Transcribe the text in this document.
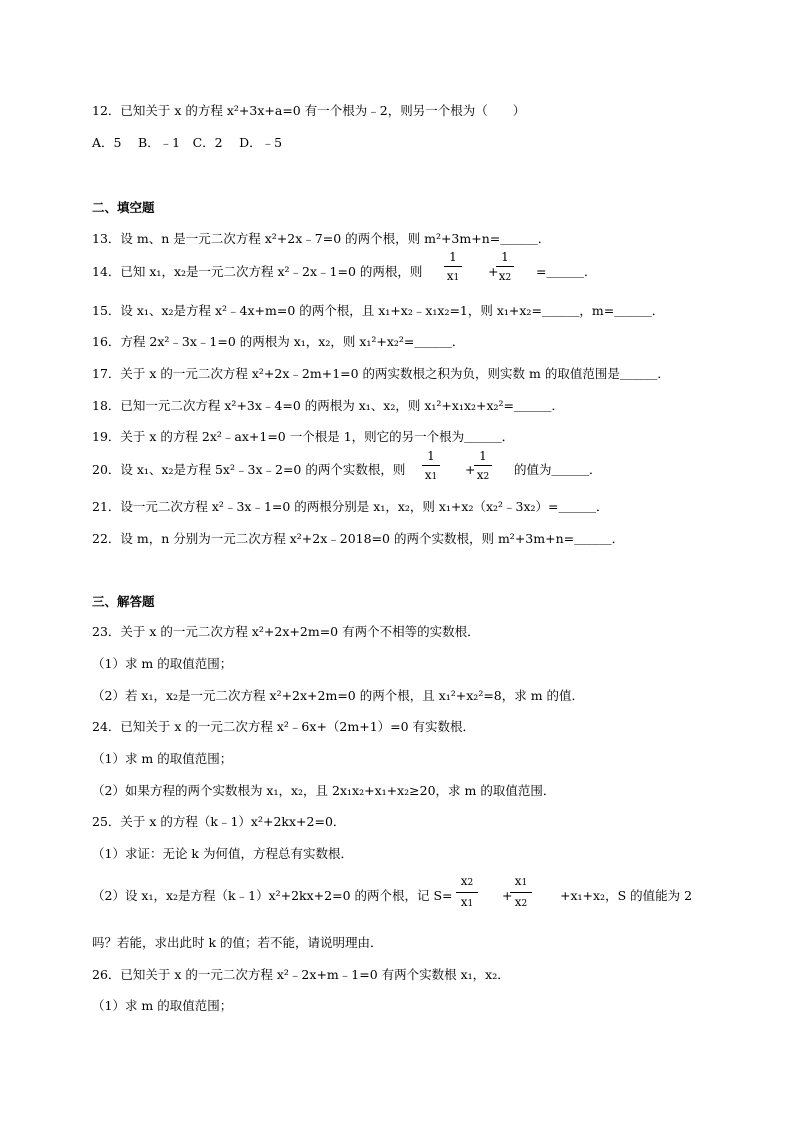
12．已知关于 x 的方程 x²+3x+a=0 有一个根为﹣2，则另一个根为（　　）
A．5　 B．﹣1　C．2　 D．﹣5
二、填空题
13．设 m、n 是一元二次方程 x²+2x﹣7=0 的两个根，则 m²+3m+n=＿＿＿．
14．已知 x₁，x₂是一元二次方程 x²﹣2x﹣1=0 的两根，则
1
x1 +
1
x2 =＿＿＿．
15．设 x₁、x₂是方程 x²﹣4x+m=0 的两个根，且 x₁+x₂﹣x₁x₂=1，则 x₁+x₂=＿＿＿，m=＿＿＿．
16．方程 2x²﹣3x﹣1=0 的两根为 x₁，x₂，则 x₁²+x₂²=＿＿＿．
17．关于 x 的一元二次方程 x²+2x﹣2m+1=0 的两实数根之积为负，则实数 m 的取值范围是＿＿＿．
18．已知一元二次方程 x²+3x﹣4=0 的两根为 x₁、x₂，则 x₁²+x₁x₂+x₂²=＿＿＿．
19．关于 x 的方程 2x²﹣ax+1=0 一个根是 1，则它的另一个根为＿＿＿．
20．设 x₁、x₂是方程 5x²﹣3x﹣2=0 的两个实数根，则
1
x1 +
1
x2 的值为＿＿＿．
21．设一元二次方程 x²﹣3x﹣1=0 的两根分别是 x₁，x₂，则 x₁+x₂（x₂²﹣3x₂）=＿＿＿．
22．设 m，n 分别为一元二次方程 x²+2x﹣2018=0 的两个实数根，则 m²+3m+n=＿＿＿．
三、解答题
23．关于 x 的一元二次方程 x²+2x+2m=0 有两个不相等的实数根．
（1）求 m 的取值范围；
（2）若 x₁，x₂是一元二次方程 x²+2x+2m=0 的两个根，且 x₁²+x₂²=8，求 m 的值．
24．已知关于 x 的一元二次方程 x²﹣6x+（2m+1）=0 有实数根．
（1）求 m 的取值范围；
（2）如果方程的两个实数根为 x₁，x₂，且 2x₁x₂+x₁+x₂≥20，求 m 的取值范围．
25．关于 x 的方程（k﹣1）x²+2kx+2=0．
（1）求证：无论 k 为何值，方程总有实数根．
（2）设 x₁，x₂是方程（k﹣1）x²+2kx+2=0 的两个根，记 S=
x2
x1
+
x1
x2
+x₁+x₂，S 的值能为 2
吗？若能，求出此时 k 的值；若不能，请说明理由．
26．已知关于 x 的一元二次方程 x²﹣2x+m﹣1=0 有两个实数根 x₁，x₂．
（1）求 m 的取值范围；
